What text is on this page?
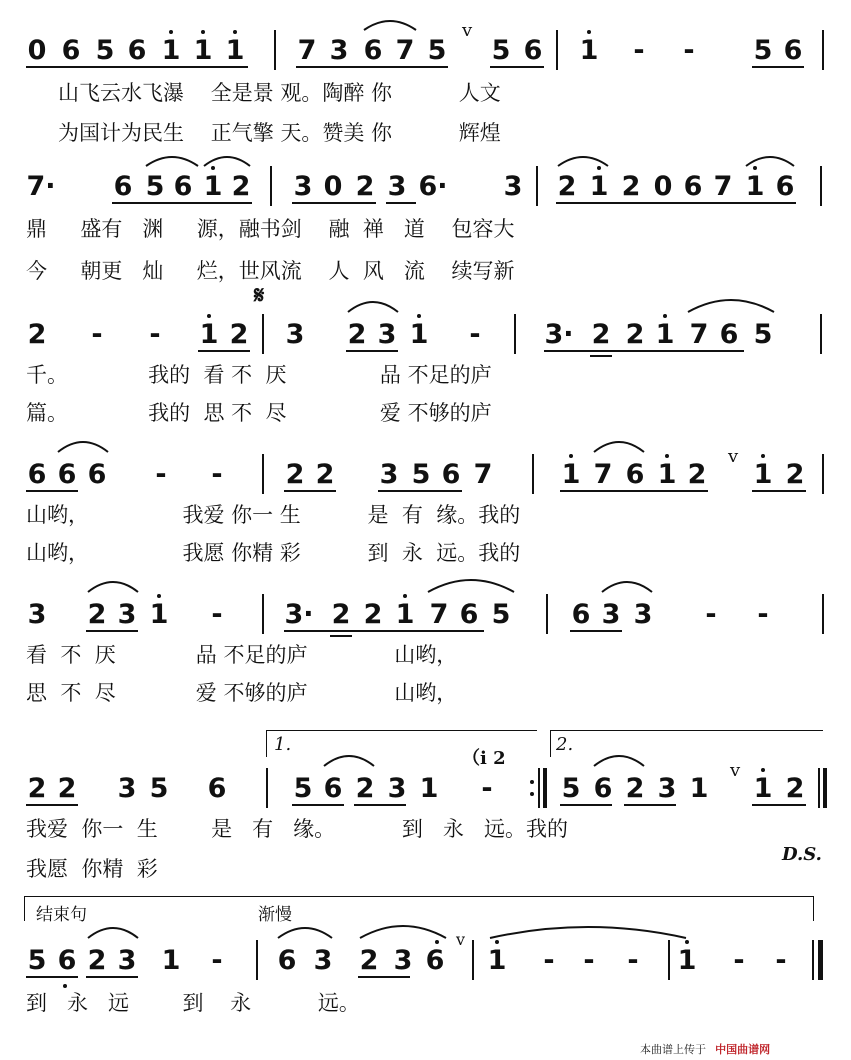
0 6 5 6 1 1 1 7 3 6 7 5
v
5 6 1 - - 5 6
山飞云水飞瀑    全是景 观。陶醉 你          人文
为国计为民生    正气擎 天。赞美 你          辉煌
7· 6 5 6 1 2 3 0 2 3 6· 3 2 1 2 0 6 7 1 6
鼎     盛有   渊     源，融书剑    融  禅   道    包容大
今     朝更   灿     烂，世风流    人  风   流    续写新
𝄋
2 - - 1 2 3 2 3 1 - 3· 2 2 1 7 6 5
千。            我的  看 不  厌              品 不足的庐
篇。            我的  思 不  尽              爱 不够的庐
6 6 6 - - 2 2 3 5 6 7	1 7 6 1 2
v
1 2
山哟，              我爱 你一 生          是  有  缘。我的
山哟，              我愿 你精 彩          到  永  远。我的
3 2 3 1 - 3· 2 2 1 7 6 5 6 3 3 - -
看  不  厌            品 不足的庐             山哟，
思  不  尽            爱 不够的庐             山哟，
1.	2.
（i 2
2 2 3 5 6 5 6 2 3 1 -	5 6 2 3 1
v
1 2
我爱  你一  生        是   有   缘。          到   永   远。我的
我愿  你精  彩
D.S.
结束句	渐慢
5 6 2 3 1 - 6 3 2 3 6
v
1 - - - 1 - -
到   永   远        到    永          远。
本曲谱上传于 中国曲谱网
